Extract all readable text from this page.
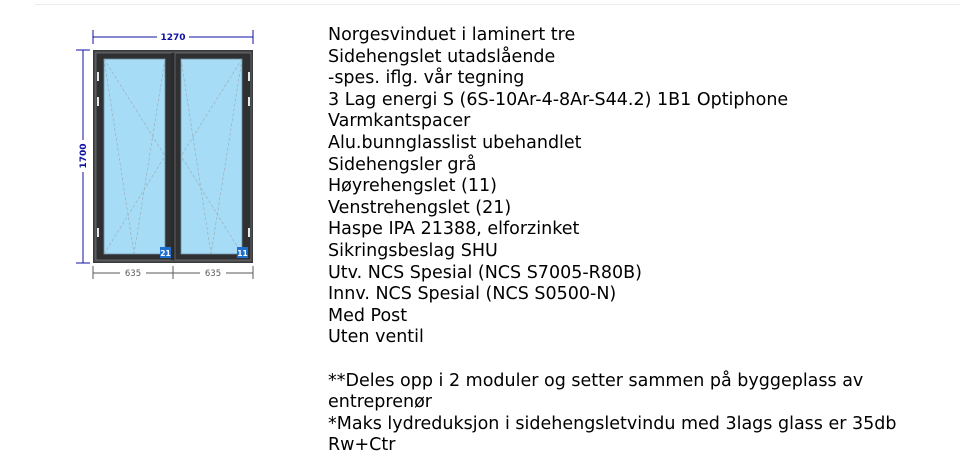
1270
1700
21	11
635	635
Norgesvinduet i laminert tre
Sidehengslet utadslående
-spes. iflg. vår tegning
3 Lag energi S (6S-10Ar-4-8Ar-S44.2) 1B1 Optiphone
Varmkantspacer
Alu.bunnglasslist ubehandlet
Sidehengsler grå
Høyrehengslet (11)
Venstrehengslet (21)
Haspe IPA 21388, elforzinket
Sikringsbeslag SHU
Utv. NCS Spesial (NCS S7005-R80B)
Innv. NCS Spesial (NCS S0500-N)
Med Post
Uten ventil
**Deles opp i 2 moduler og setter sammen på byggeplass av entreprenør
*Maks lydreduksjon i sidehengsletvindu med 3lags glass er 35db Rw+Ctr
